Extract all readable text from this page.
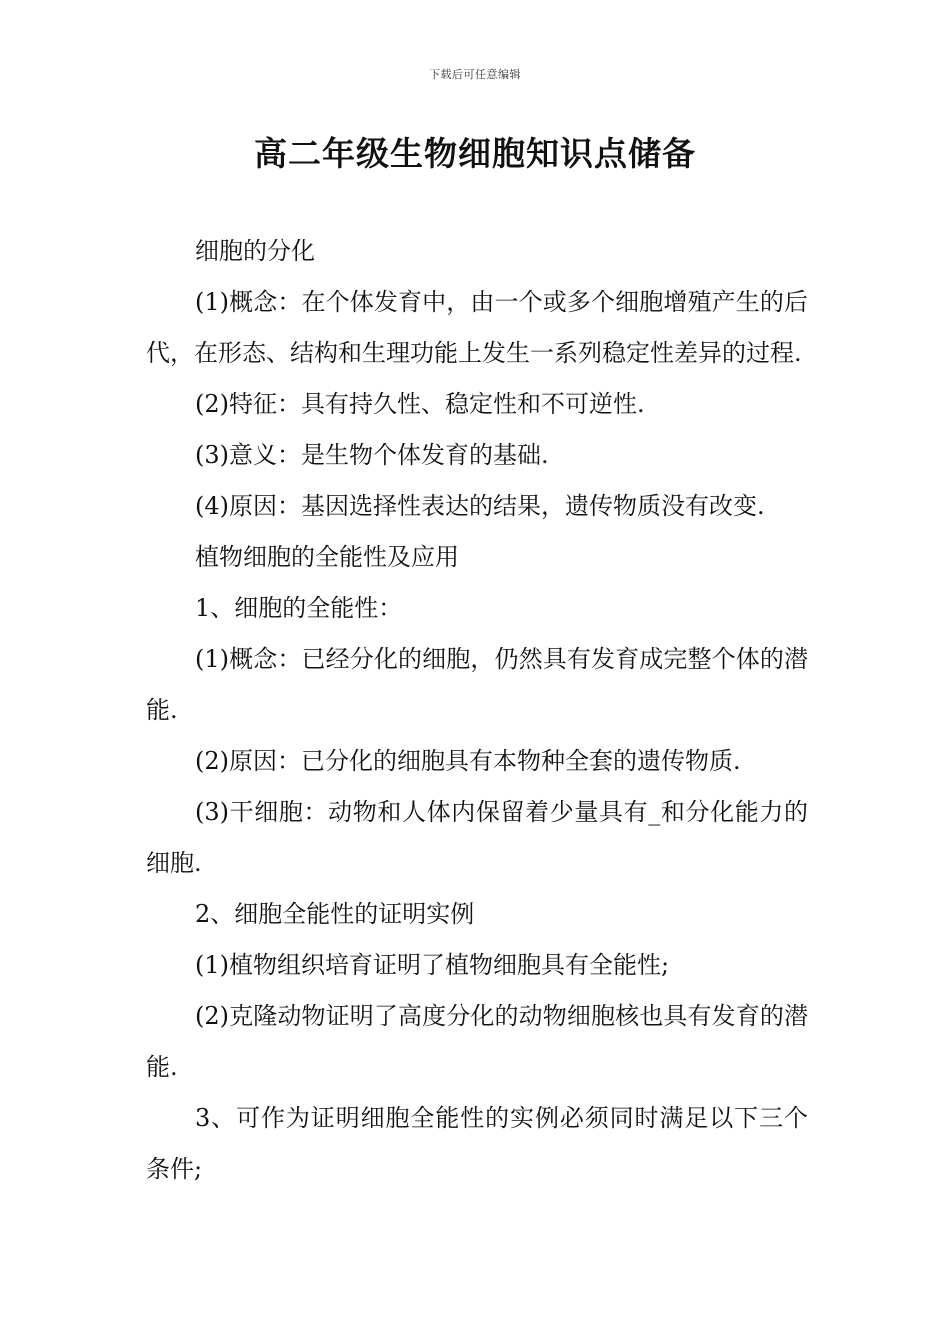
下载后可任意编辑
高二年级生物细胞知识点储备

细胞的分化

(1)概念：在个体发育中，由一个或多个细胞增殖产生的后代，在形态、结构和生理功能上发生一系列稳定性差异的过程.

(2)特征：具有持久性、稳定性和不可逆性.

(3)意义：是生物个体发育的基础.

(4)原因：基因选择性表达的结果，遗传物质没有改变.

植物细胞的全能性及应用

1、细胞的全能性：

(1)概念：已经分化的细胞，仍然具有发育成完整个体的潜能.

(2)原因：已分化的细胞具有本物种全套的遗传物质.

(3)干细胞：动物和人体内保留着少量具有_和分化能力的细胞.

2、细胞全能性的证明实例

(1)植物组织培育证明了植物细胞具有全能性;

(2)克隆动物证明了高度分化的动物细胞核也具有发育的潜能.

3、可作为证明细胞全能性的实例必须同时满足以下三个条件;
